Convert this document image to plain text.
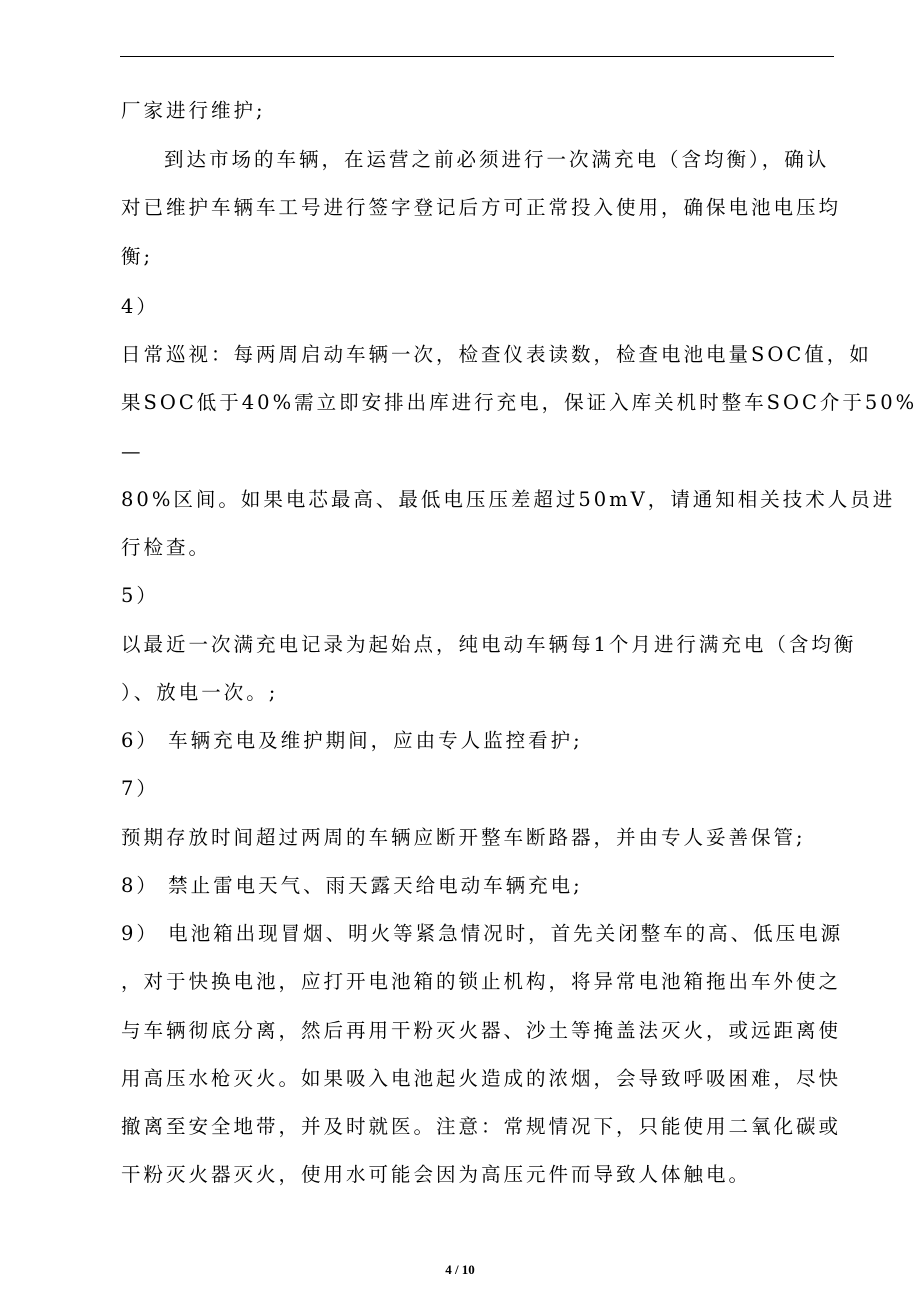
厂家进行维护;
到达市场的车辆，在运营之前必须进行一次满充电（含均衡），确认
对已维护车辆车工号进行签字登记后方可正常投入使用，确保电池电压均
衡;
4）
日常巡视：每两周启动车辆一次，检查仪表读数，检查电池电量SOC值，如
果SOC低于40%需立即安排出库进行充电，保证入库关机时整车SOC介于50%
—
80%区间。如果电芯最高、最低电压压差超过50mV，请通知相关技术人员进
行检查。
5）
以最近一次满充电记录为起始点，纯电动车辆每1个月进行满充电（含均衡
）、放电一次。;
6） 车辆充电及维护期间，应由专人监控看护;
7）
预期存放时间超过两周的车辆应断开整车断路器，并由专人妥善保管;
8） 禁止雷电天气、雨天露天给电动车辆充电;
9） 电池箱出现冒烟、明火等紧急情况时，首先关闭整车的高、低压电源
，对于快换电池，应打开电池箱的锁止机构，将异常电池箱拖出车外使之
与车辆彻底分离，然后再用干粉灭火器、沙土等掩盖法灭火，或远距离使
用高压水枪灭火。如果吸入电池起火造成的浓烟，会导致呼吸困难，尽快
撤离至安全地带，并及时就医。注意：常规情况下，只能使用二氧化碳或
干粉灭火器灭火，使用水可能会因为高压元件而导致人体触电。
4 / 10
